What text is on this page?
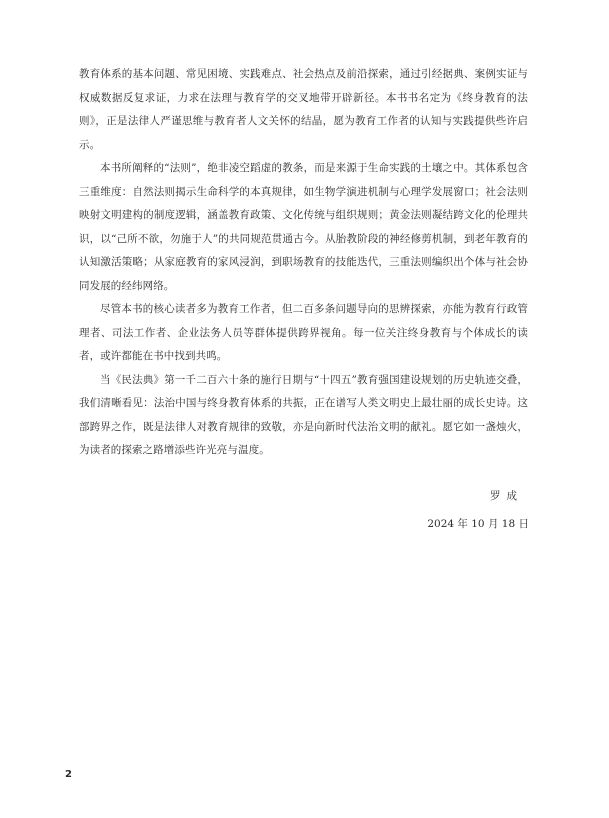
教育体系的基本问题、常见困境、实践难点、社会热点及前沿探索，通过引经据典、案例实证与权威数据反复求证，力求在法理与教育学的交叉地带开辟新径。本书书名定为《终身教育的法则》，正是法律人严谨思维与教育者人文关怀的结晶，愿为教育工作者的认知与实践提供些许启示。

本书所阐释的“法则”，绝非凌空蹈虚的教条，而是来源于生命实践的土壤之中。其体系包含三重维度：自然法则揭示生命科学的本真规律，如生物学演进机制与心理学发展窗口；社会法则映射文明建构的制度逻辑，涵盖教育政策、文化传统与组织规则；黄金法则凝结跨文化的伦理共识，以“己所不欲，勿施于人”的共同规范贯通古今。从胎教阶段的神经修剪机制，到老年教育的认知激活策略；从家庭教育的家风浸润，到职场教育的技能迭代，三重法则编织出个体与社会协同发展的经纬网络。

尽管本书的核心读者多为教育工作者，但二百多条问题导向的思辨探索，亦能为教育行政管理者、司法工作者、企业法务人员等群体提供跨界视角。每一位关注终身教育与个体成长的读者，或许都能在书中找到共鸣。

当《民法典》第一千二百六十条的施行日期与“十四五”教育强国建设规划的历史轨迹交叠，我们清晰看见：法治中国与终身教育体系的共振，正在谱写人类文明史上最壮丽的成长史诗。这部跨界之作，既是法律人对教育规律的致敬，亦是向新时代法治文明的献礼。愿它如一盏烛火，为读者的探索之路增添些许光亮与温度。

罗成

2024 年 10 月 18 日

2
